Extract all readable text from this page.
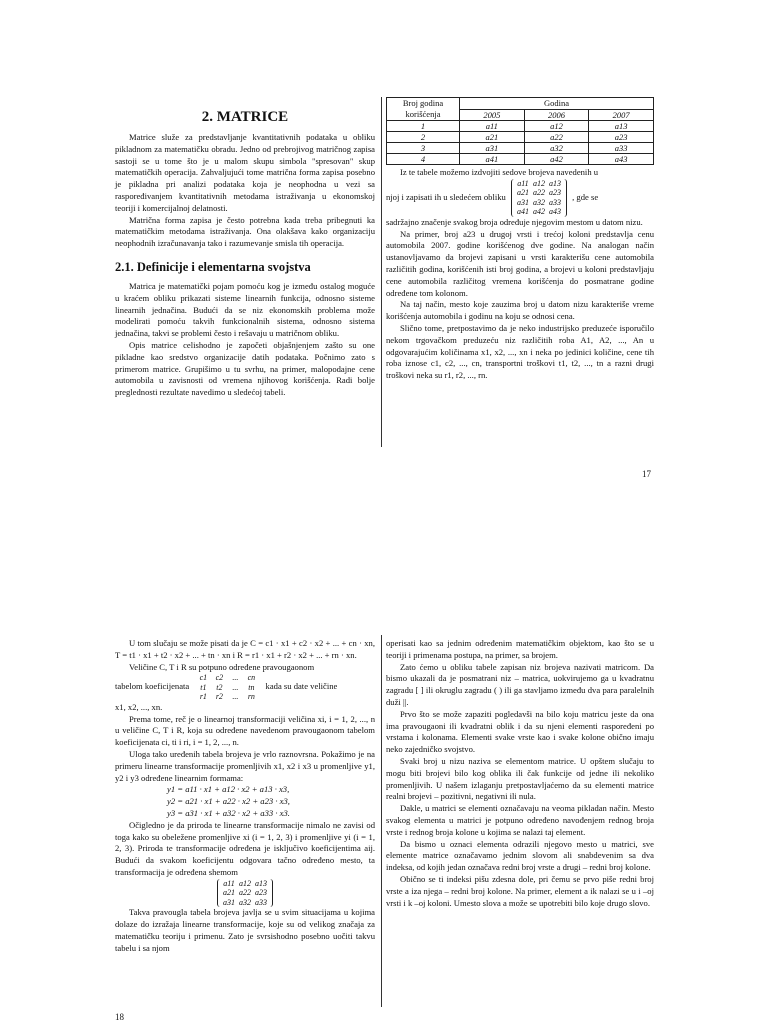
2. MATRICE

Matrice služe za predstavljanje kvantitativnih podataka u obliku pikladnom za matematičku obradu. Jedno od prebrojivog matričnog zapisa sastoji se u tome što je u malom skupu simbola "spresovan" skup matematičkih operacija. Zahvaljujući tome matrična forma zapisa posebno je pikladna pri analizi podataka koja je neophodna u vezi sa raspoređivanjem kvantitativnih metodama istraživanja u ekonomskoj teoriji i komercijalnoj delatnosti.

Matrična forma zapisa je često potrebna kada treba pribegnuti ka matematičkim metodama istraživanja. Ona olakšava kako organizaciju neophodnih izračunavanja tako i razumevanje smisla tih operacija.

2.1. Definicije i elementarna svojstva

Matrica je matematički pojam pomoću kog je između ostalog moguće u kraćem obliku prikazati sisteme linearnih funkcija, odnosno sisteme linearnih jednačina. Budući da se niz ekonomskih problema može modelirati pomoću takvih funkcionalnih sistema, odnosno sistema jednačina, takvi se problemi često i rešavaju u matričnom obliku.

Opis matrice celishodno je započeti objašnjenjem zašto su one pikladne kao sredstvo organizacije datih podataka. Počnimo zato s primerom matrice. Grupišimo u tu svrhu, na primer, malopodajne cene automobila u zavisnosti od vremena njihovog korišćenja. Radi bolje preglednosti rezultate navedimo u sledećoj tabeli.

Broj godina
korišćenja	Godina		
	2005	2006	2007
1	a11	a12	a13
2	a21	a22	a23
3	a31	a32	a33
4	a41	a42	a43

Iz te tabele možemo izdvojiti sedove brojeva navedenih u

njoj i zapisati ih u sledećem obliku a11 a12 a13
a21 a22 a23
a31 a32 a33
a41 a42 a43 , gde se

sadržajno značenje svakog broja određuje njegovim mestom u datom nizu.

Na primer, broj a23 u drugoj vrsti i trećoj koloni predstavlja cenu automobila 2007. godine korišćenog dve godine. Na analogan način ustanovljavamo da brojevi zapisani u vrsti karakterišu cene automobila različitih godina, korišćenih isti broj godina, a brojevi u koloni predstavljaju cene automobila različitog vremena korišćenja do posmatrane godine određene tom kolonom.

Na taj način, mesto koje zauzima broj u datom nizu karakteriše vreme korišćenja automobila i godinu na koju se odnosi cena.

Slično tome, pretpostavimo da je neko industrijsko preduzeće isporučilo nekom trgovačkom preduzeću niz različitih roba A1, A2, ..., An u odgovarajućim količinama x1, x2, ..., xn i neka po jedinici količine, cene tih roba iznose c1, c2, ..., cn, transportni troškovi t1, t2, ..., tn a razni drugi troškovi neka su r1, r2, ..., rn.

17

U tom slučaju se može pisati da je C = c1 · x1 + c2 · x2 + ... + cn · xn, T = t1 · x1 + t2 · x2 + ... + tn · xn i R = r1 · x1 + r2 · x2 + ... + rn · xn.

Veličine C, T i R su potpuno određene pravougaonom

tabelom koeficijenata c1 c2 ... cn
t1 t2 ... tn
r1 r2 ... rn kada su date veličine

x1, x2, ..., xn.

Prema tome, reč je o linearnoj transformaciji veličina xi, i = 1, 2, ..., n u veličine C, T i R, koja su određene navedenom pravougaonom tabelom koeficijenata ci, ti i ri, i = 1, 2, ..., n.

Uloga tako uređenih tabela brojeva je vrlo raznovrsna. Pokažimo je na primeru linearne transformacije promenljivih x1, x2 i x3 u promenljive y1, y2 i y3 određene linearnim formama:

y1 = a11 · x1 + a12 · x2 + a13 · x3,

y2 = a21 · x1 + a22 · x2 + a23 · x3,

y3 = a31 · x1 + a32 · x2 + a33 · x3.

Očigledno je da priroda te linearne transformacije nimalo ne zavisi od toga kako su obeležene promenljive xi (i = 1, 2, 3) i promenljive yi (i = 1, 2, 3). Priroda te transformacije određena je isključivo koeficijentima aij. Budući da svakom koeficijentu odgovara tačno određeno mesto, ta transformacija je određena shemom

a11 a12 a13
a21 a22 a23
a31 a32 a33

Takva pravougla tabela brojeva javlja se u svim situacijama u kojima dolaze do izražaja linearne transformacije, koje su od velikog značaja za matematičku teoriju i primenu. Zato je svrsishodno posebno uočiti takvu tabelu i sa njom

operisati kao sa jednim određenim matematičkim objektom, kao što se u teoriji i primenama postupa, na primer, sa brojem.

Zato ćemo u obliku tabele zapisan niz brojeva nazivati matricom. Da bismo ukazali da je posmatrani niz – matrica, uokvirujemo ga u kvadratnu zagradu [ ] ili okruglu zagradu ( ) ili ga stavljamo između dva para paralelnih duži ||.

Prvo što se može zapaziti pogledavši na bilo koju matricu jeste da ona ima pravougaoni ili kvadratni oblik i da su njeni elementi raspoređeni po vrstama i kolonama. Elementi svake vrste kao i svake kolone obično imaju neko zajedničko svojstvo.

Svaki broj u nizu naziva se elementom matrice. U opštem slučaju to mogu biti brojevi bilo kog oblika ili čak funkcije od jedne ili nekoliko promenljivih. U našem izlaganju pretpostavljaćemo da su elementi matrice realni brojevi – pozitivni, negativni ili nula.

Dakle, u matrici se elementi označavaju na veoma pikladan način. Mesto svakog elementa u matrici je potpuno određeno navođenjem rednog broja vrste i rednog broja kolone u kojima se nalazi taj element.

Da bismo u oznaci elementa odrazili njegovo mesto u matrici, sve elemente matrice označavamo jednim slovom ali snabdevenim sa dva indeksa, od kojih jedan označava redni broj vrste a drugi – redni broj kolone.

Obično se ti indeksi pišu zdesna dole, pri čemu se prvo piše redni broj vrste a iza njega – redni broj kolone. Na primer, element a ik nalazi se u i –oj vrsti i k –oj koloni. Umesto slova a može se upotrebiti bilo koje drugo slovo.

18
